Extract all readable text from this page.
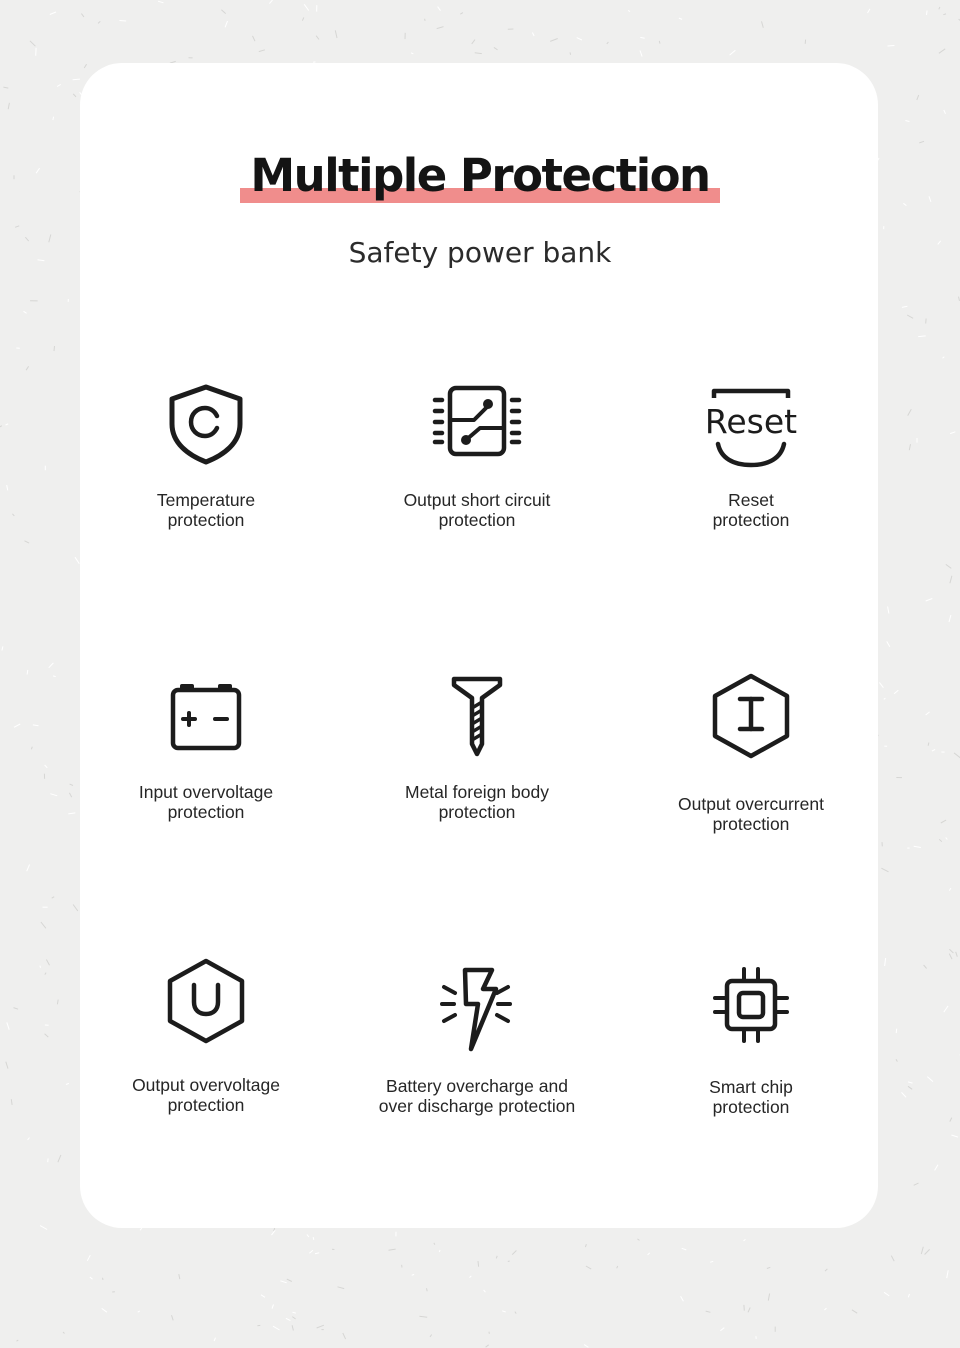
Multiple Protection
Safety power bank
Temperature
protection
Output short circuit
protection
Reset
Reset
protection
Input overvoltage
protection
Metal foreign body
protection	Output overcurrent
protection
Output overvoltage
protection
Battery overcharge and
over discharge protection
Smart chip
protection
